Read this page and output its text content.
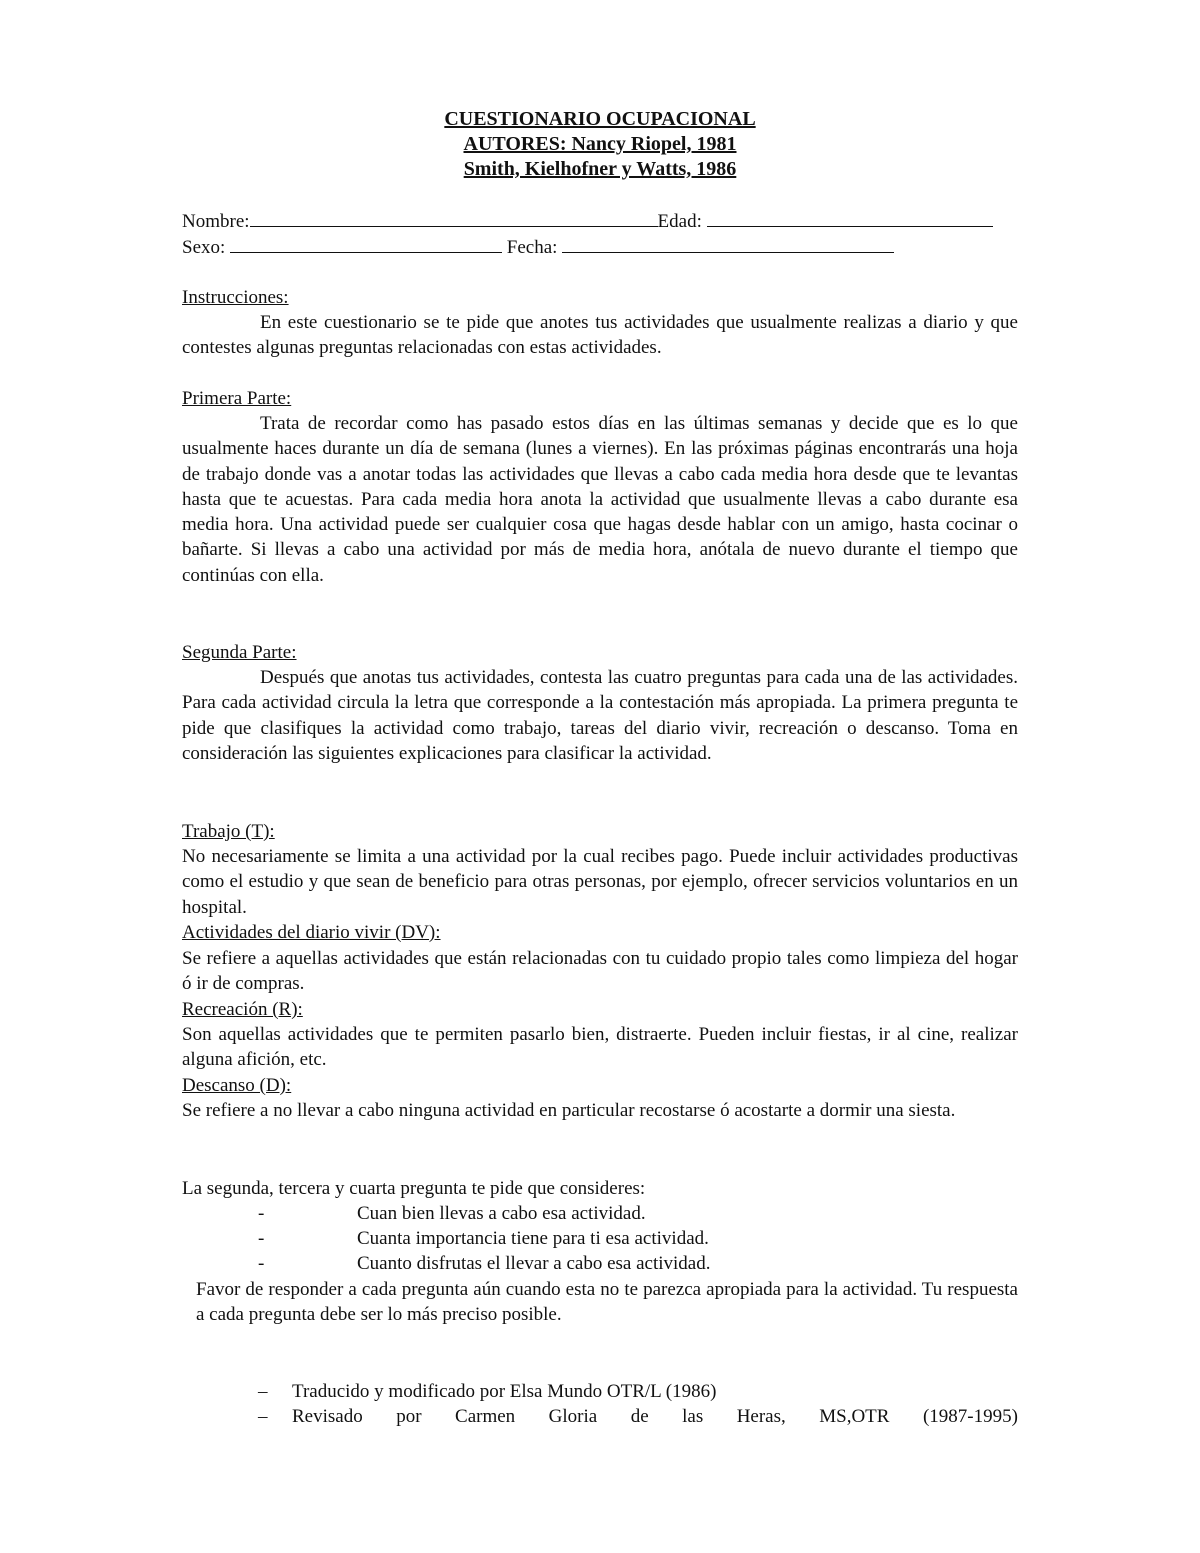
CUESTIONARIO OCUPACIONAL
AUTORES: Nancy Riopel, 1981
Smith, Kielhofner y Watts, 1986
Nombre:	Edad:
Sexo:	Fecha:
Instrucciones:
En este cuestionario se te pide que anotes tus actividades que usualmente realizas a diario y que contestes algunas preguntas relacionadas con estas actividades.
Primera Parte:
Trata de recordar como has pasado estos días en las últimas semanas y decide que es lo que usualmente haces durante un día de semana (lunes a viernes). En las próximas páginas encontrarás una hoja de trabajo donde vas a anotar todas las actividades que llevas a cabo cada media hora desde que te levantas hasta que te acuestas. Para cada media hora anota la actividad que usualmente llevas a cabo durante esa media hora. Una actividad puede ser cualquier cosa que hagas desde hablar con un amigo, hasta cocinar o bañarte. Si llevas a cabo una actividad por más de media hora, anótala de nuevo durante el tiempo que continúas con ella.
Segunda Parte:
Después que anotas tus actividades, contesta las cuatro preguntas para cada una de las actividades. Para cada actividad circula la letra que corresponde a la contestación más apropiada. La primera pregunta te pide que clasifiques la actividad como trabajo, tareas del diario vivir, recreación o descanso. Toma en consideración las siguientes explicaciones para clasificar la actividad.
Trabajo (T):
No necesariamente se limita a una actividad por la cual recibes pago. Puede incluir actividades productivas como el estudio y que sean de beneficio para otras personas, por ejemplo, ofrecer servicios voluntarios en un hospital.
Actividades del diario vivir (DV):
Se refiere a aquellas actividades que están relacionadas con tu cuidado propio tales como limpieza del hogar ó ir de compras.
Recreación (R):
Son aquellas actividades que te permiten pasarlo bien, distraerte. Pueden incluir fiestas, ir al cine, realizar alguna afición, etc.
Descanso (D):
Se refiere a no llevar a cabo ninguna actividad en particular recostarse ó acostarte a dormir una siesta.
La segunda, tercera y cuarta pregunta te pide que consideres:
-	Cuan bien llevas a cabo esa actividad.
-	Cuanta importancia tiene para ti esa actividad.
-	Cuanto disfrutas el llevar a cabo esa actividad.
Favor de responder a cada pregunta aún cuando esta no te parezca apropiada para la actividad. Tu respuesta a cada pregunta debe ser lo más preciso posible.
– Traducido y modificado por Elsa Mundo OTR/L (1986)
– Revisado por Carmen Gloria de las Heras, MS,OTR (1987-1995)
